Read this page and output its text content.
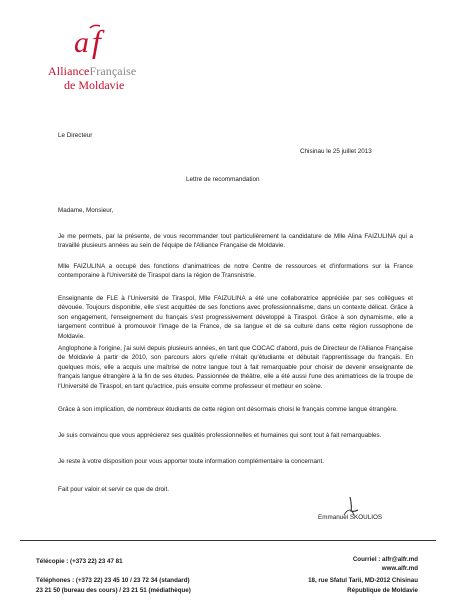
a f
AllianceFrançaise
de Moldavie
Le Directeur
Chisinau le 25 juillet 2013
Lettre de recommandation
Madame, Monsieur,
Je me permets, par la présente, de vous recommander tout particulièrement la candidature de Mlle Alina FAIZULINA qui a travaillé plusieurs années au sein de l'équipe de l'Alliance Française de Moldavie.
Mlle FAIZULINA a occupé des fonctions d'animatrices de notre Centre de ressources et d'informations sur la France contemporaine à l'Université de Tiraspol dans la région de Transnistrie.
Enseignante de FLE à l'Université de Tiraspol, Mlle FAIZULINA a été une collaboratrice appréciée par ses collègues et dévouée. Toujours disponible, elle s'est acquittée de ses fonctions avec professionnalisme, dans un contexte délicat. Grâce à son engagement, l'enseignement du français s'est progressivement développé à Tiraspol. Grâce à son dynamisme, elle a largement contribué à promouvoir l'image de la France, de sa langue et de sa culture dans cette région russophone de Moldavie.
Anglophone à l'origine, j'ai suivi depuis plusieurs années, en tant que COCAC d'abord, puis de Directeur de l'Alliance Française de Moldavie à partir de 2010, son parcours alors qu'elle n'était qu'étudiante et débutait l'apprentissage du français. En quelques mois, elle a acquis une maîtrise de notre langue tout à fait remarquable pour choisir de devenir enseignante de français langue étrangère à la fin de ses études. Passionnée de théâtre, elle a été aussi l'une des animatrices de la troupe de l'Université de Tiraspol, en tant qu'actrice, puis ensuite comme professeur et metteur en scène.
Grâce à son implication, de nombreux étudiants de cette région ont désormais choisi le français comme langue étrangère.
Je suis convaincu que vous apprécierez ses qualités professionnelles et humaines qui sont tout à fait remarquables.
Je reste à votre disposition pour vous apporter toute information complémentaire la concernant.
Fait pour valoir et servir ce que de droit.
Emmanuel SKOULIOS
Télécopie : (+373 22) 23 47 81
Téléphones : (+373 22) 23 45 10 / 23 72 34 (standard)
23 21 50 (bureau des cours) / 23 21 51 (médiathèque)
Courriel : alfr@alfr.md
www.alfr.md
18, rue Sfatul Tarii, MD-2012 Chisinau
République de Moldavie
